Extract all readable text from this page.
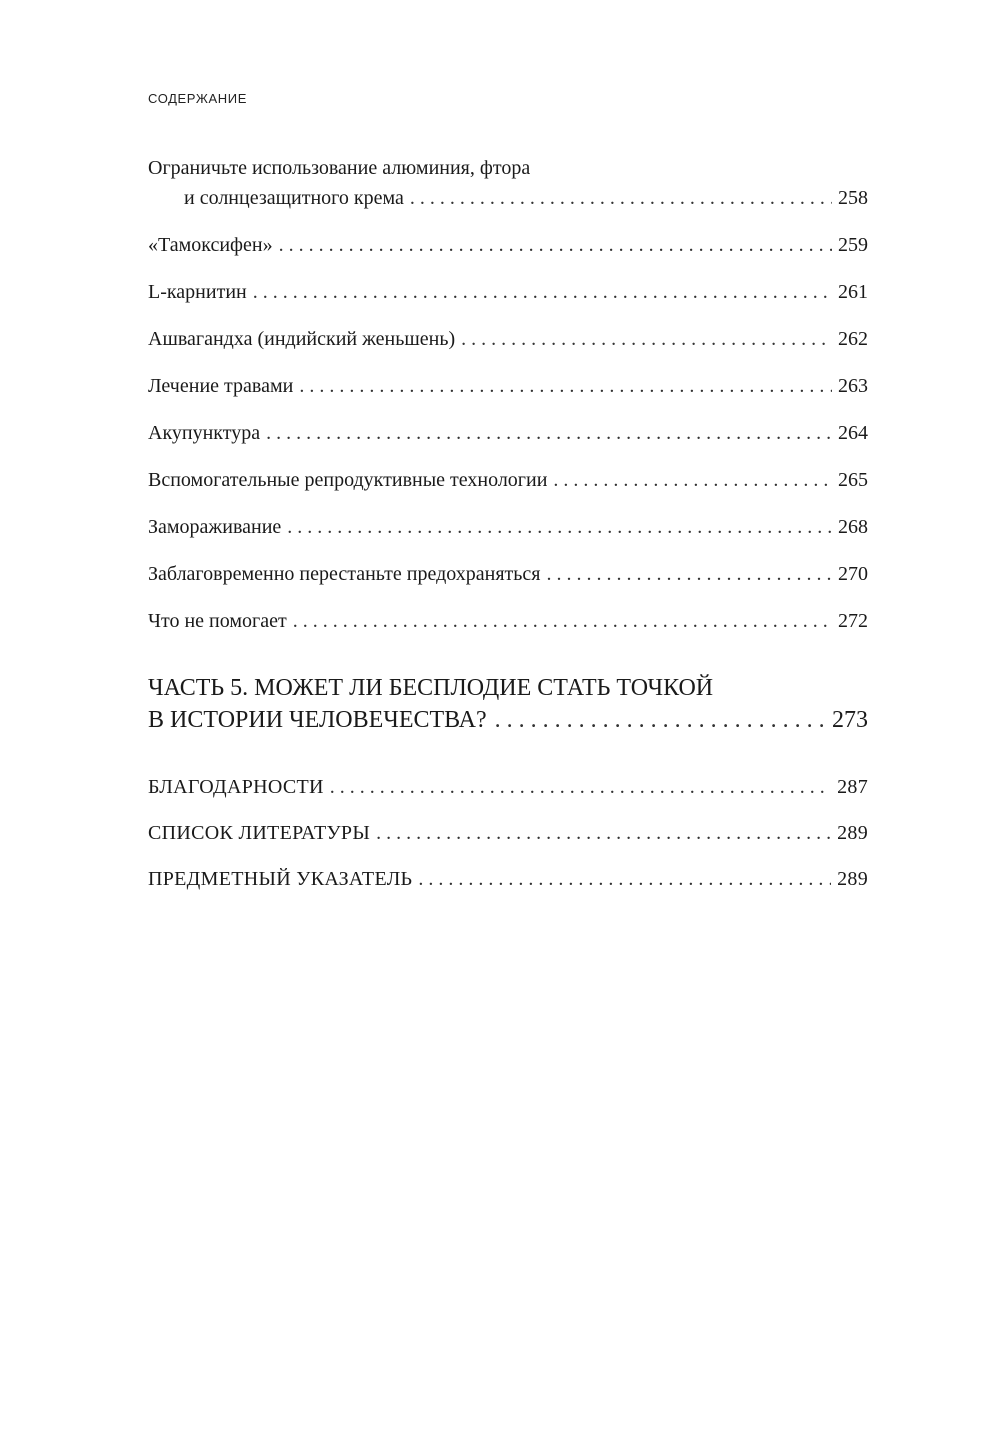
СОДЕРЖАНИЕ
Ограничьте использование алюминия, фтора
и солнцезащитного крема . . .	258
«Тамоксифен» . . .	259
L-карнитин . . .	261
Ашвагандха (индийский женьшень) . . .	262
Лечение травами . . .	263
Акупунктура . . .	264
Вспомогательные репродуктивные технологии . . .	265
Замораживание . . .	268
Заблаговременно перестаньте предохраняться . . .	270
Что не помогает . . .	272
ЧАСТЬ 5. МОЖЕТ ЛИ БЕСПЛОДИЕ СТАТЬ ТОЧКОЙ
В ИСТОРИИ ЧЕЛОВЕЧЕСТВА? . . .	273
БЛАГОДАРНОСТИ . . .	287
СПИСОК ЛИТЕРАТУРЫ . . .	289
ПРЕДМЕТНЫЙ УКАЗАТЕЛЬ . . .	289
